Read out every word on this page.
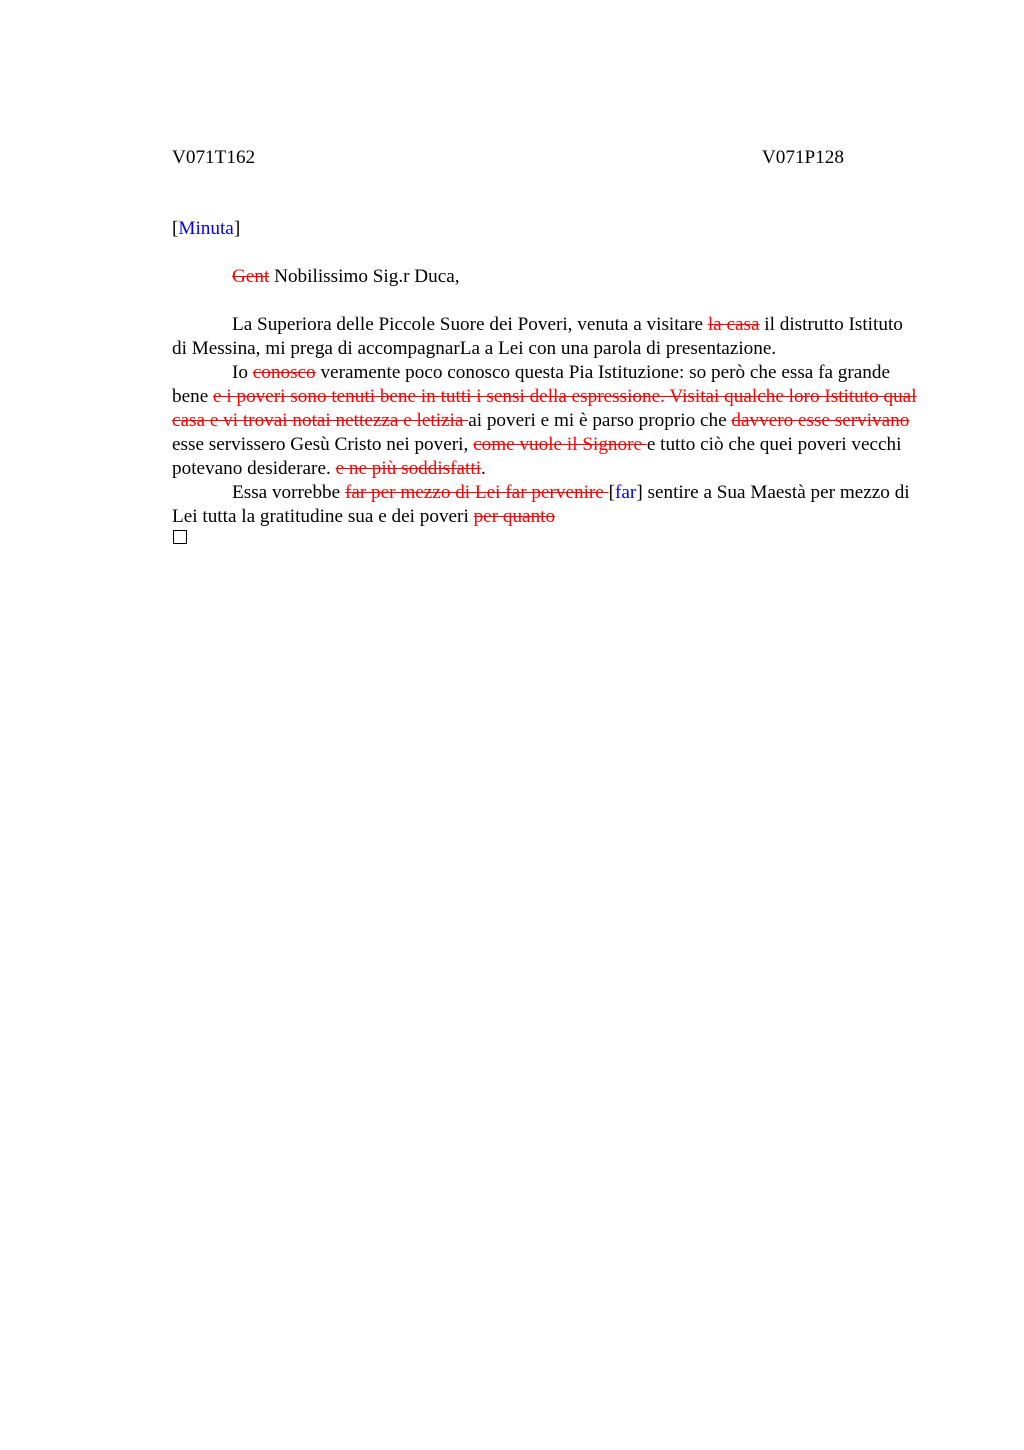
V071T162	V071P128
[Minuta]
Gent Nobilissimo Sig.r Duca,

La Superiora delle Piccole Suore dei Poveri, venuta a visitare la casa il distrutto Istituto di Messina, mi prega di accompagnarLa a Lei con una parola di presentazione.

Io conosco veramente poco conosco questa Pia Istituzione: so però che essa fa grande bene e i poveri sono tenuti bene in tutti i sensi della espressione. Visitai qualche loro Istituto qual casa e vi trovai notai nettezza e letizia ai poveri e mi è parso proprio che davvero esse servivano esse servissero Gesù Cristo nei poveri, come vuole il Signore e tutto ciò che quei poveri vecchi potevano desiderare. e ne più soddisfatti.

Essa vorrebbe far per mezzo di Lei far pervenire [far] sentire a Sua Maestà per mezzo di Lei tutta la gratitudine sua e dei poveri per quanto
